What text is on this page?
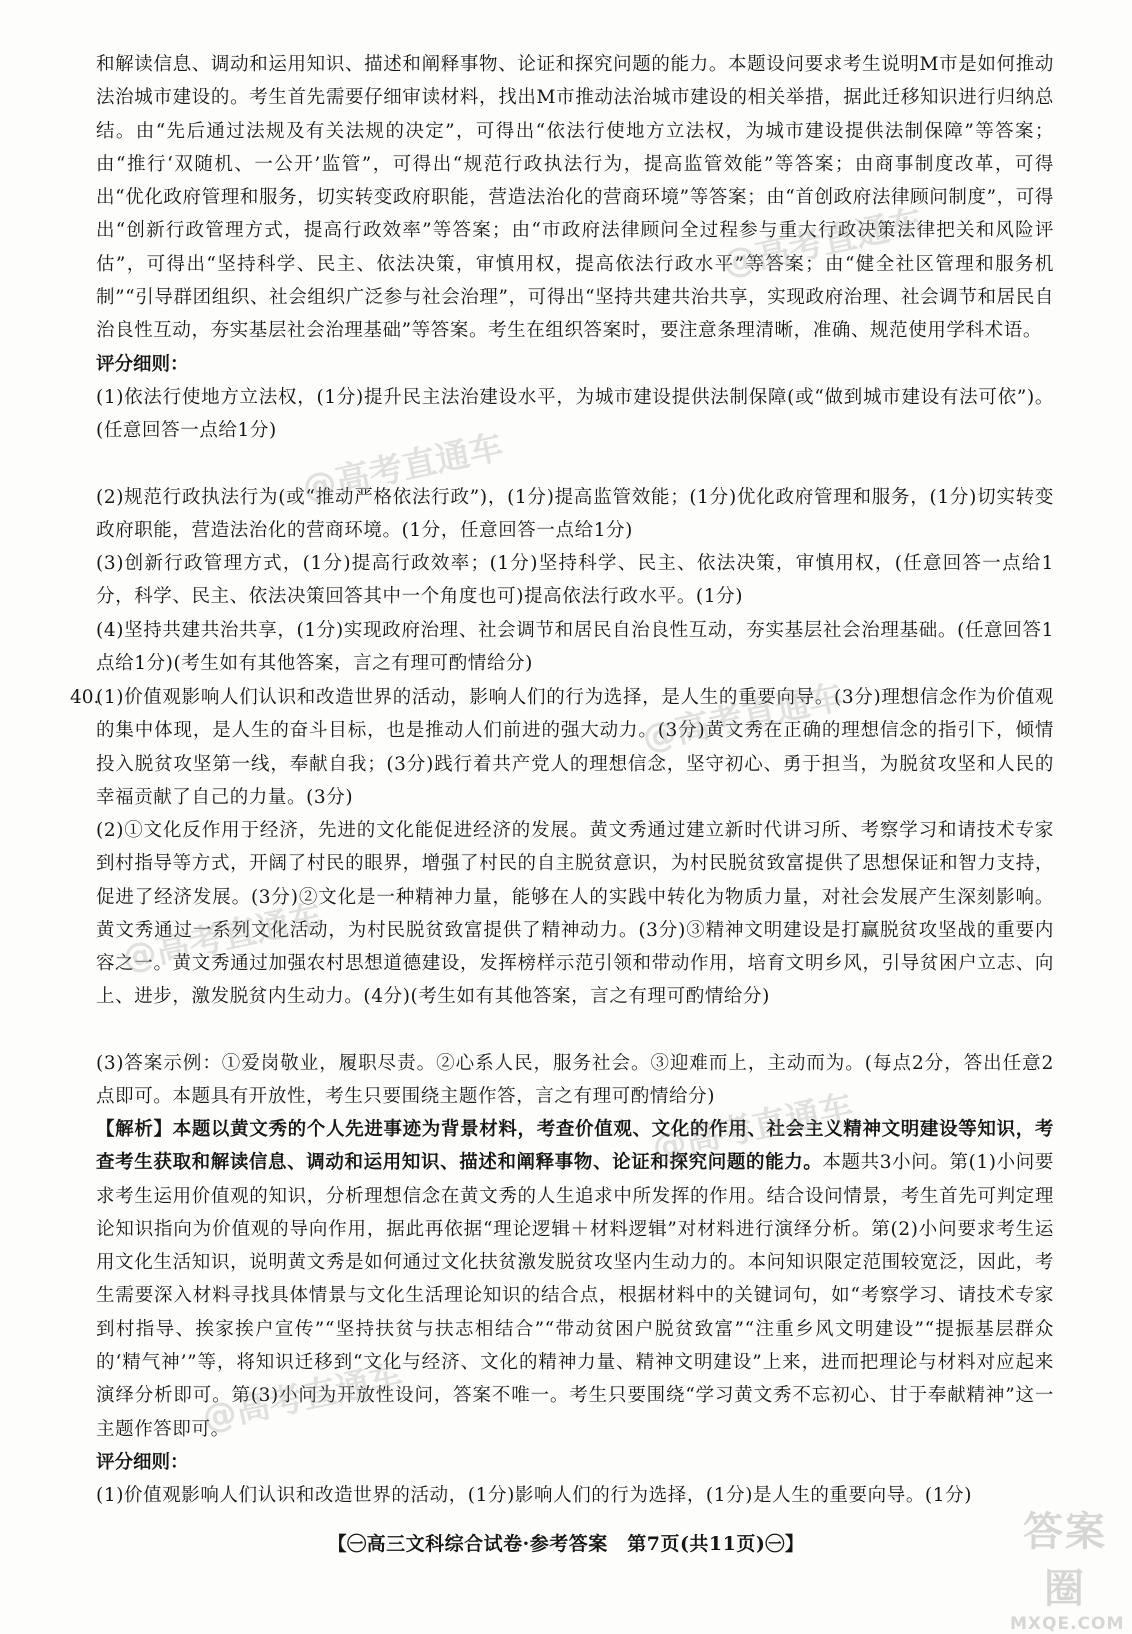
和解读信息、调动和运用知识、描述和阐释事物、论证和探究问题的能力。本题设问要求考生说明M市是如何推动法治城市建设的。考生首先需要仔细审读材料，找出M市推动法治城市建设的相关举措，据此迁移知识进行归纳总结。由“先后通过法规及有关法规的决定”，可得出“依法行使地方立法权，为城市建设提供法制保障”等答案；由“推行‘双随机、一公开’监管”，可得出“规范行政执法行为，提高监管效能”等答案；由商事制度改革，可得出“优化政府管理和服务，切实转变政府职能，营造法治化的营商环境”等答案；由“首创政府法律顾问制度”，可得出“创新行政管理方式，提高行政效率”等答案；由“市政府法律顾问全过程参与重大行政决策法律把关和风险评估”，可得出“坚持科学、民主、依法决策，审慎用权，提高依法行政水平”等答案；由“健全社区管理和服务机制”“引导群团组织、社会组织广泛参与社会治理”，可得出“坚持共建共治共享，实现政府治理、社会调节和居民自治良性互动，夯实基层社会治理基础”等答案。考生在组织答案时，要注意条理清晰，准确、规范使用学科术语。

评分细则：

(1)依法行使地方立法权，(1分)提升民主法治建设水平，为城市建设提供法制保障(或“做到城市建设有法可依”)。(任意回答一点给1分)

(2)规范行政执法行为(或“推动严格依法行政”)，(1分)提高监管效能；(1分)优化政府管理和服务，(1分)切实转变政府职能，营造法治化的营商环境。(1分，任意回答一点给1分)

(3)创新行政管理方式，(1分)提高行政效率；(1分)坚持科学、民主、依法决策，审慎用权，(任意回答一点给1分，科学、民主、依法决策回答其中一个角度也可)提高依法行政水平。(1分)

(4)坚持共建共治共享，(1分)实现政府治理、社会调节和居民自治良性互动，夯实基层社会治理基础。(任意回答1点给1分)(考生如有其他答案，言之有理可酌情给分)

40.

(1)价值观影响人们认识和改造世界的活动，影响人们的行为选择，是人生的重要向导。(3分)理想信念作为价值观的集中体现，是人生的奋斗目标，也是推动人们前进的强大动力。(3分)黄文秀在正确的理想信念的指引下，倾情投入脱贫攻坚第一线，奉献自我；(3分)践行着共产党人的理想信念，坚守初心、勇于担当，为脱贫攻坚和人民的幸福贡献了自己的力量。(3分)

(2)①文化反作用于经济，先进的文化能促进经济的发展。黄文秀通过建立新时代讲习所、考察学习和请技术专家到村指导等方式，开阔了村民的眼界，增强了村民的自主脱贫意识，为村民脱贫致富提供了思想保证和智力支持，促进了经济发展。(3分)②文化是一种精神力量，能够在人的实践中转化为物质力量，对社会发展产生深刻影响。黄文秀通过一系列文化活动，为村民脱贫致富提供了精神动力。(3分)③精神文明建设是打赢脱贫攻坚战的重要内容之一。黄文秀通过加强农村思想道德建设，发挥榜样示范引领和带动作用，培育文明乡风，引导贫困户立志、向上、进步，激发脱贫内生动力。(4分)(考生如有其他答案，言之有理可酌情给分)

(3)答案示例：①爱岗敬业，履职尽责。②心系人民，服务社会。③迎难而上，主动而为。(每点2分，答出任意2点即可。本题具有开放性，考生只要围绕主题作答，言之有理可酌情给分)

【解析】本题以黄文秀的个人先进事迹为背景材料，考查价值观、文化的作用、社会主义精神文明建设等知识，考查考生获取和解读信息、调动和运用知识、描述和阐释事物、论证和探究问题的能力。本题共3小问。第(1)小问要求考生运用价值观的知识，分析理想信念在黄文秀的人生追求中所发挥的作用。结合设问情景，考生首先可判定理论知识指向为价值观的导向作用，据此再依据“理论逻辑＋材料逻辑”对材料进行演绎分析。第(2)小问要求考生运用文化生活知识，说明黄文秀是如何通过文化扶贫激发脱贫攻坚内生动力的。本问知识限定范围较宽泛，因此，考生需要深入材料寻找具体情景与文化生活理论知识的结合点，根据材料中的关键词句，如“考察学习、请技术专家到村指导、挨家挨户宣传”“坚持扶贫与扶志相结合”“带动贫困户脱贫致富”“注重乡风文明建设”“提振基层群众的‘精气神’”等，将知识迁移到“文化与经济、文化的精神力量、精神文明建设”上来，进而把理论与材料对应起来演绎分析即可。第(3)小问为开放性设问，答案不唯一。考生只要围绕“学习黄文秀不忘初心、甘于奉献精神”这一主题作答即可。

评分细则：

(1)价值观影响人们认识和改造世界的活动，(1分)影响人们的行为选择，(1分)是人生的重要向导。(1分)

【㊀高三文科综合试卷·参考答案　第7页(共11页)㊀】
@高考直通车
@高考直通车
@高考直通车
@高考直通车
@高考直通车
@高考直通车
答案圈
MXQE.COM
